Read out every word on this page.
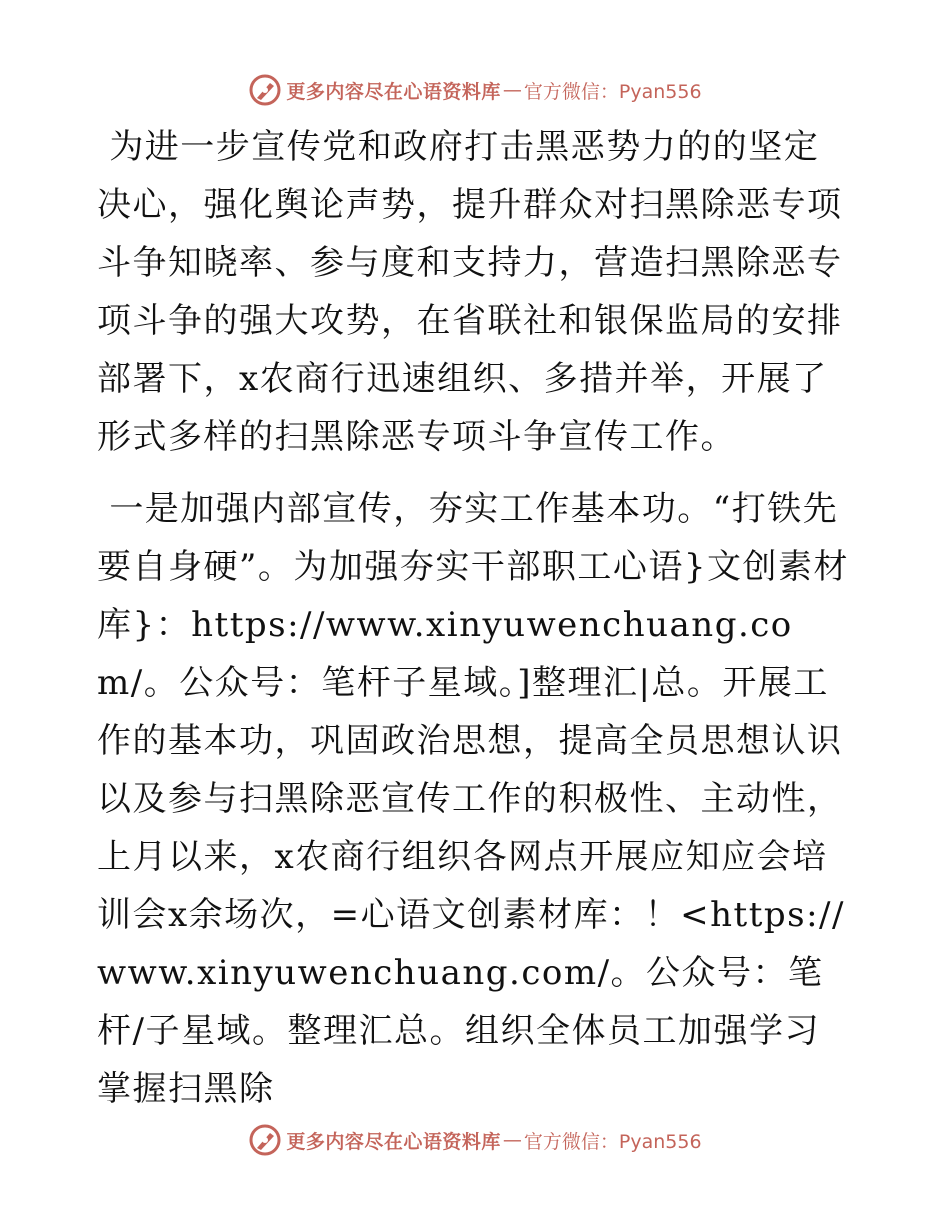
更多内容尽在心语资料库 — 官方微信：Pyan556

为进一步宣传党和政府打击黑恶势力的的坚定决心，强化舆论声势，提升群众对扫黑除恶专项斗争知晓率、参与度和支持力，营造扫黑除恶专项斗争的强大攻势，在省联社和银保监局的安排部署下，x农商行迅速组织、多措并举，开展了形式多样的扫黑除恶专项斗争宣传工作。

一是加强内部宣传，夯实工作基本功。“打铁先要自身硬”。为加强夯实干部职工心语}文创素材库}：https://www.xinyuwenchuang.com/。公众号：笔杆子星域。]整理汇|总。开展工作的基本功，巩固政治思想，提高全员思想认识以及参与扫黑除恶宣传工作的积极性、主动性，上月以来，x农商行组织各网点开展应知应会培训会x余场次，=心语文创素材库：！<https://www.xinyuwenchuang.com/。公众号：笔杆/子星域。整理汇总。组织全体员工加强学习掌握扫黑除

更多内容尽在心语资料库 — 官方微信：Pyan556
